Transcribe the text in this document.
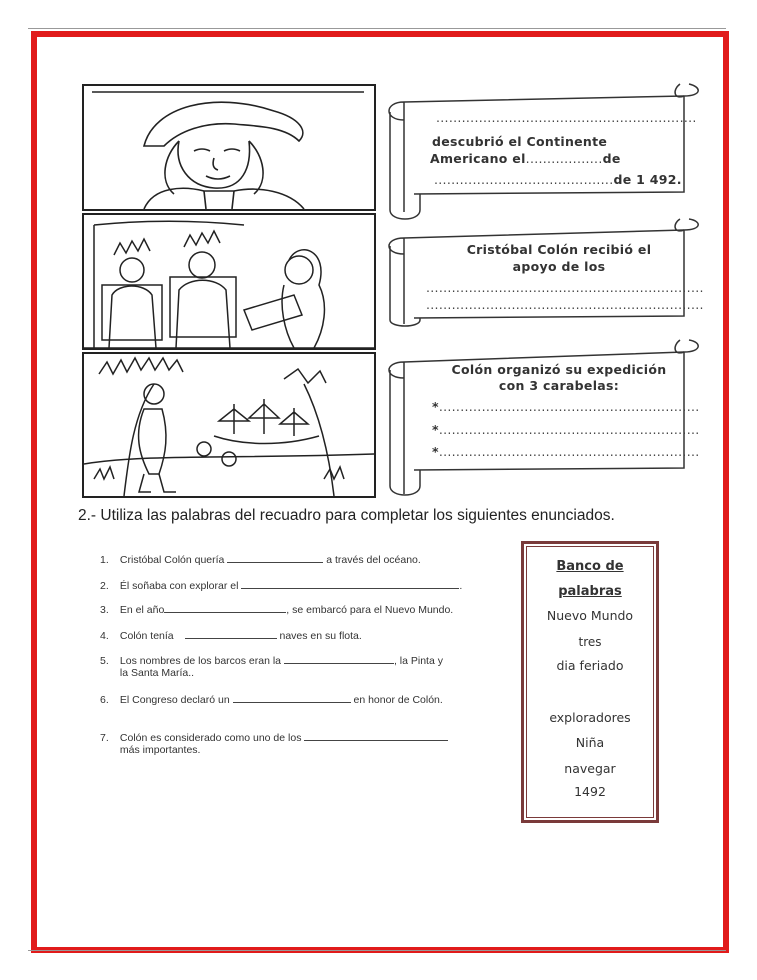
.............................................................
descubrió el Continente
Americano el..................de
..........................................de 1 492.
Cristóbal Colón recibió el
apoyo de los
.................................................................
.................................................................
Colón organizó su expedición
con 3 carabelas:
*.............................................................
*.............................................................
*.............................................................
2.- Utiliza las palabras del recuadro para completar los siguientes enunciados.
1. Cristóbal Colón quería	a través del océano.
2. Él soñaba con explorar el	.
3. En el año	, se embarcó para el Nuevo Mundo.
4. Colón tenía	naves en su flota.
5. Los nombres de los barcos eran la	, la Pinta y
la Santa María..
6. El Congreso declaró un	en honor de Colón.
7. Colón es considerado como uno de los
más importantes.
Banco de
palabras
Nuevo Mundo
tres
dia feriado
exploradores
Niña
navegar
1492
